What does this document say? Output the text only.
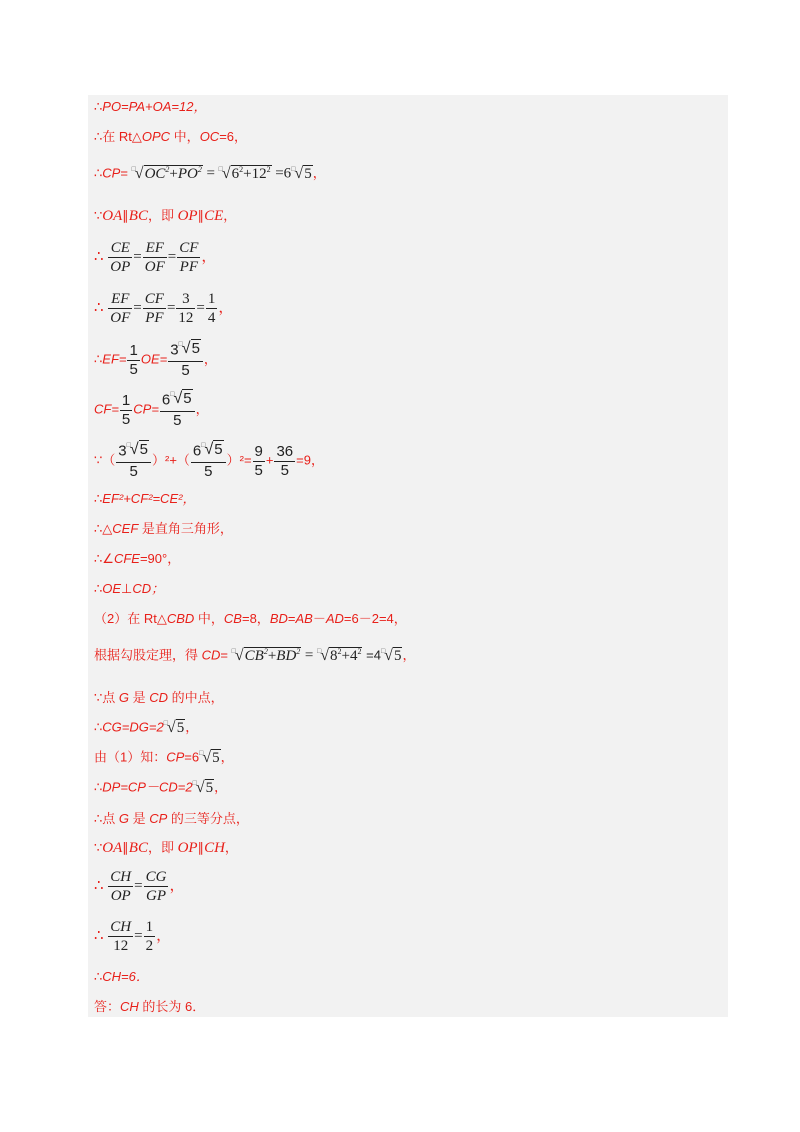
∴PO=PA+OA=12，
∴在 Rt△OPC 中，OC=6，
∴CP= $^□√OC^2+PO^2 = ^□√6^2+12^2 =6^□√5$，
∵OA∥BC，即 OP∥CE，
∴ $\frac{CE}{OP} = \frac{EF}{OF} = \frac{CF}{PF}$ ，
∴ $\frac{EF}{OF} = \frac{CF}{PF} = \frac{3}{12} = \frac{1}{4}$ ，
∴EF= $\frac{1}{5} OE= \frac{3^□√5}{5}$ ，
$CF= \frac{1}{5} CP= \frac{6^□√5}{5}$ ，
∵（ $\frac{3^□√5}{5} )^2+( \frac{6^□√5}{5} )^2= \frac{9}{5} + \frac{36}{5} =9$，
∴EF²+CF²=CE²，
∴△CEF 是直角三角形，
∴∠CFE=90°，
∴OE⊥CD；
（2）在 Rt△CBD 中，CB=8，BD=AB－AD=6－2=4，
根据勾股定理，得 $CD= ^□√CB^2+BD^2 = ^□√8^2+4^2 =4^□√5$，
∵点 G 是 CD 的中点，
∴CG=DG=2□√5，
由（1）知：CP=6□√5，
∴DP=CP－CD=2□√5，
∴点 G 是 CP 的三等分点，
∵OA∥BC，即 OP∥CH，
∴ $\frac{CH}{OP} = \frac{CG}{GP}$ ，
∴ $\frac{CH}{12} = \frac{1}{2}$ ，
∴CH=6．
答：CH 的长为 6．
